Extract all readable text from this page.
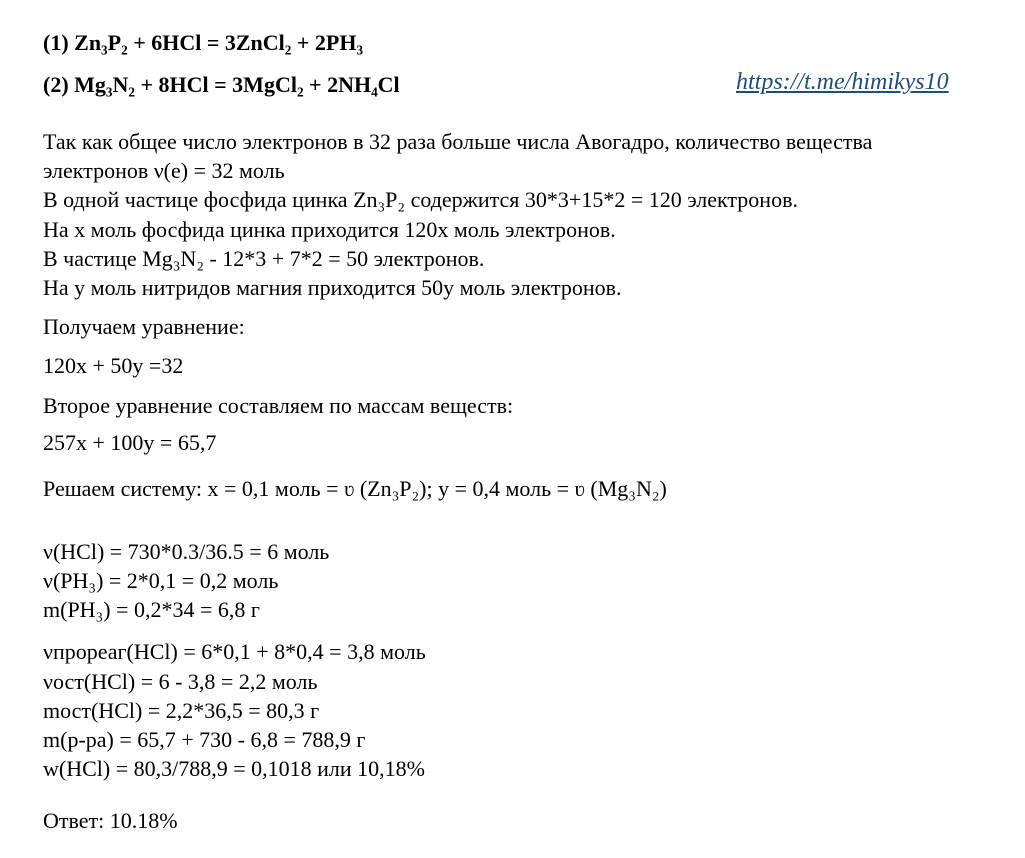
(1) Zn₃P₂ + 6HCl = 3ZnCl₂ + 2PH₃
(2) Mg₃N₂ + 8HCl = 3MgCl₂ + 2NH₄Cl	https://t.me/himikys10
Так как общее число электронов в 32 раза больше числа Авогадро, количество вещества
электронов ν(e) = 32 моль
В одной частице фосфида цинка Zn₃P₂ содержится 30*3+15*2 = 120 электронов.
На х моль фосфида цинка приходится 120х моль электронов.
В частице Mg₃N₂ - 12*3 + 7*2 = 50 электронов.
На у моль нитридов магния приходится 50у моль электронов.
Получаем уравнение:
120x + 50y =32
Второе уравнение составляем по массам веществ:
257x + 100y = 65,7
Решаем систему: х = 0,1 моль = ʋ (Zn₃P₂); у = 0,4 моль = ʋ (Mg₃N₂)
ν(HCl) = 730*0.3/36.5 = 6 моль
ν(PH₃) = 2*0,1 = 0,2 моль
m(PH₃) = 0,2*34 = 6,8 г
νпрореаг(HCl) = 6*0,1 + 8*0,4 = 3,8 моль
νост(HCl) = 6 - 3,8 = 2,2 моль
mост(HCl) = 2,2*36,5 = 80,3 г
m(р-ра) = 65,7 + 730 - 6,8 = 788,9 г
w(HCl) = 80,3/788,9 = 0,1018 или 10,18%
Ответ: 10.18%
